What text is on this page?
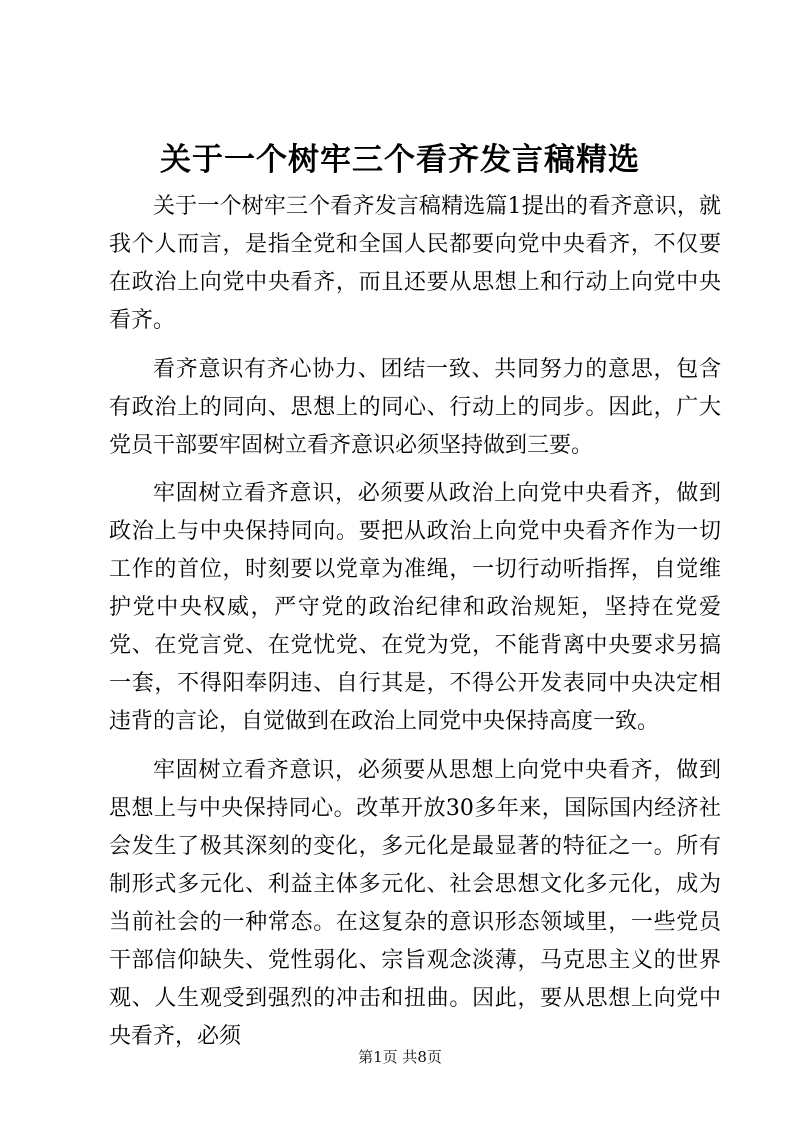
关于一个树牢三个看齐发言稿精选

关于一个树牢三个看齐发言稿精选篇1提出的看齐意识，就我个人而言，是指全党和全国人民都要向党中央看齐，不仅要在政治上向党中央看齐，而且还要从思想上和行动上向党中央看齐。

看齐意识有齐心协力、团结一致、共同努力的意思，包含有政治上的同向、思想上的同心、行动上的同步。因此，广大党员干部要牢固树立看齐意识必须坚持做到三要。

牢固树立看齐意识，必须要从政治上向党中央看齐，做到政治上与中央保持同向。要把从政治上向党中央看齐作为一切工作的首位，时刻要以党章为准绳，一切行动听指挥，自觉维护党中央权威，严守党的政治纪律和政治规矩，坚持在党爱党、在党言党、在党忧党、在党为党，不能背离中央要求另搞一套，不得阳奉阴违、自行其是，不得公开发表同中央决定相违背的言论，自觉做到在政治上同党中央保持高度一致。

牢固树立看齐意识，必须要从思想上向党中央看齐，做到思想上与中央保持同心。改革开放30多年来，国际国内经济社会发生了极其深刻的变化，多元化是最显著的特征之一。所有制形式多元化、利益主体多元化、社会思想文化多元化，成为当前社会的一种常态。在这复杂的意识形态领域里，一些党员干部信仰缺失、党性弱化、宗旨观念淡薄，马克思主义的世界观、人生观受到强烈的冲击和扭曲。因此，要从思想上向党中央看齐，必须

第1页 共8页
